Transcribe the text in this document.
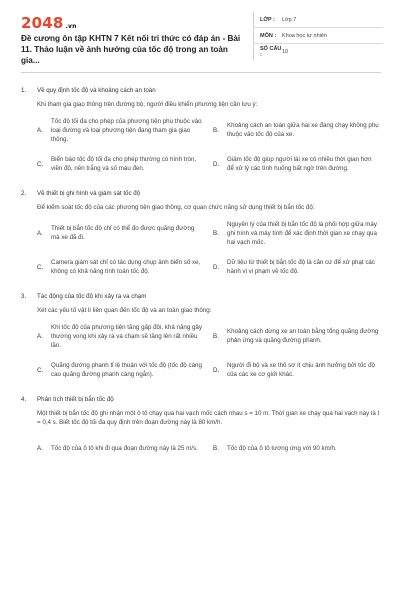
2048 .vn
Đề cương ôn tập KHTN 7 Kết nối tri thức có đáp án - Bài 11. Thảo luận về ảnh hưởng của tốc độ trong an toàn gia...
LỚP :	Lớp 7
MÔN :	Khoa học tự nhiên
SỐ CÂU :	10
1. Về quy định tốc độ và khoảng cách an toàn
Khi tham gia giao thông trên đường bộ, người điều khiển phương tiện cần lưu ý:
A.
Tốc độ tối đa cho phép của phương tiện phụ thuộc vào loại đường và loại phương tiện đang tham gia giao thông.
B.
Khoảng cách an toàn giữa hai xe đang chạy không phụ thuộc vào tốc độ của xe.
C.
Biển báo tốc độ tối đa cho phép thường có hình tròn, viền đỏ, nền trắng và số màu đen.
D.
Giảm tốc độ giúp người lái xe có nhiều thời gian hơn để xử lý các tình huống bất ngờ trên đường.
2. Về thiết bị ghi hình và giám sát tốc độ
Để kiểm soát tốc độ của các phương tiện giao thông, cơ quan chức năng sử dụng thiết bị bắn tốc độ:
A.
Thiết bị bắn tốc độ chỉ có thể đo được quãng đường mà xe đã đi.
B.
Nguyên lý của thiết bị bắn tốc độ là phối hợp giữa máy ghi hình và máy tính để xác định thời gian xe chạy qua hai vạch mốc.
C.
Camera giám sát chỉ có tác dụng chụp ảnh biển số xe, không có khả năng tính toán tốc độ.
D.
Dữ liệu từ thiết bị bắn tốc độ là căn cứ để xử phạt các hành vi vi phạm về tốc độ.
3. Tác động của tốc độ khi xảy ra va chạm
Xét các yếu tố vật lí liên quan đến tốc độ và an toàn giao thông:
A.
Khi tốc độ của phương tiện tăng gấp đôi, khả năng gây thương vong khi xảy ra va chạm sẽ tăng lên rất nhiều lần.
B.
Khoảng cách dừng xe an toàn bằng tổng quãng đường phản ứng và quãng đường phanh.
C.
Quãng đường phanh tỉ lệ thuận với tốc độ (tốc độ càng cao quãng đường phanh càng ngắn).
D.
Người đi bộ và xe thô sơ ít chịu ảnh hưởng bởi tốc độ của các xe cơ giới khác.
4. Phân tích thiết bị bắn tốc độ
Một thiết bị bắn tốc độ ghi nhận một ô tô chạy qua hai vạch mốc cách nhau s = 10 m. Thời gian xe chạy qua hai vạch này là t = 0,4 s. Biết tốc độ tối đa quy định trên đoạn đường này là 80 km/h.
A.	Tốc độ của ô tô khi đi qua đoạn đường này là 25 m/s.	B.	Tốc độ của ô tô tương ứng với 90 km/h.
